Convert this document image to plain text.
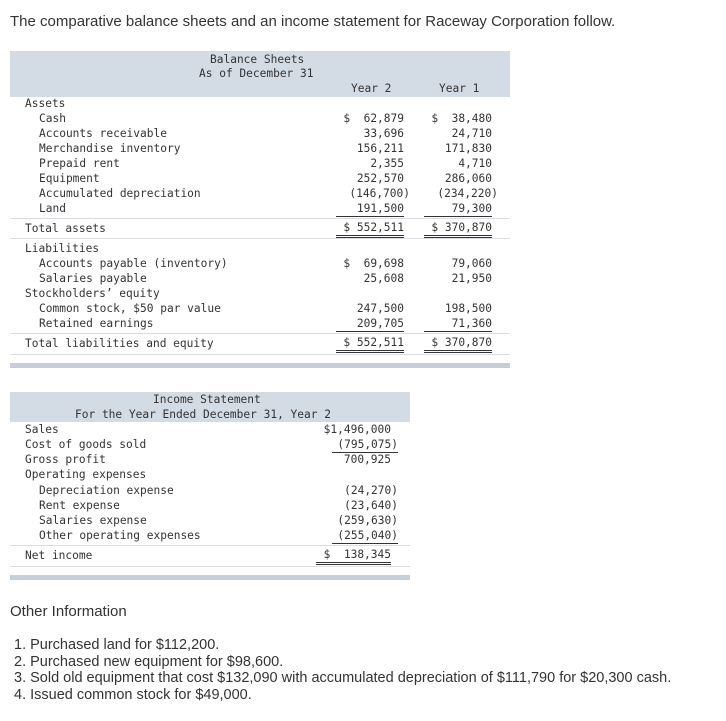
The comparative balance sheets and an income statement for Raceway Corporation follow.
Balance Sheets
As of December 31
Year 2	Year 1
Assets
Cash	$  62,879	$  38,480
Accounts receivable	33,696	24,710
Merchandise inventory	156,211	171,830
Prepaid rent	2,355	4,710
Equipment	252,570	286,060
Accumulated depreciation	(146,700)	(234,220)
Land	191,500	79,300
Total assets	$ 552,511	$ 370,870
Liabilities
Accounts payable (inventory)	$  69,698	79,060
Salaries payable	25,608	21,950
Stockholders’ equity
Common stock, $50 par value	247,500	198,500
Retained earnings	209,705	71,360
Total liabilities and equity	$ 552,511	$ 370,870
Income Statement
For the Year Ended December 31, Year 2
Sales	$1,496,000
Cost of goods sold	(795,075)
Gross profit	700,925
Operating expenses
Depreciation expense	(24,270)
Rent expense	(23,640)
Salaries expense	(259,630)
Other operating expenses	(255,040)
Net income	$  138,345
Other Information
1. Purchased land for $112,200.
2. Purchased new equipment for $98,600.
3. Sold old equipment that cost $132,090 with accumulated depreciation of $111,790 for $20,300 cash.
4. Issued common stock for $49,000.
